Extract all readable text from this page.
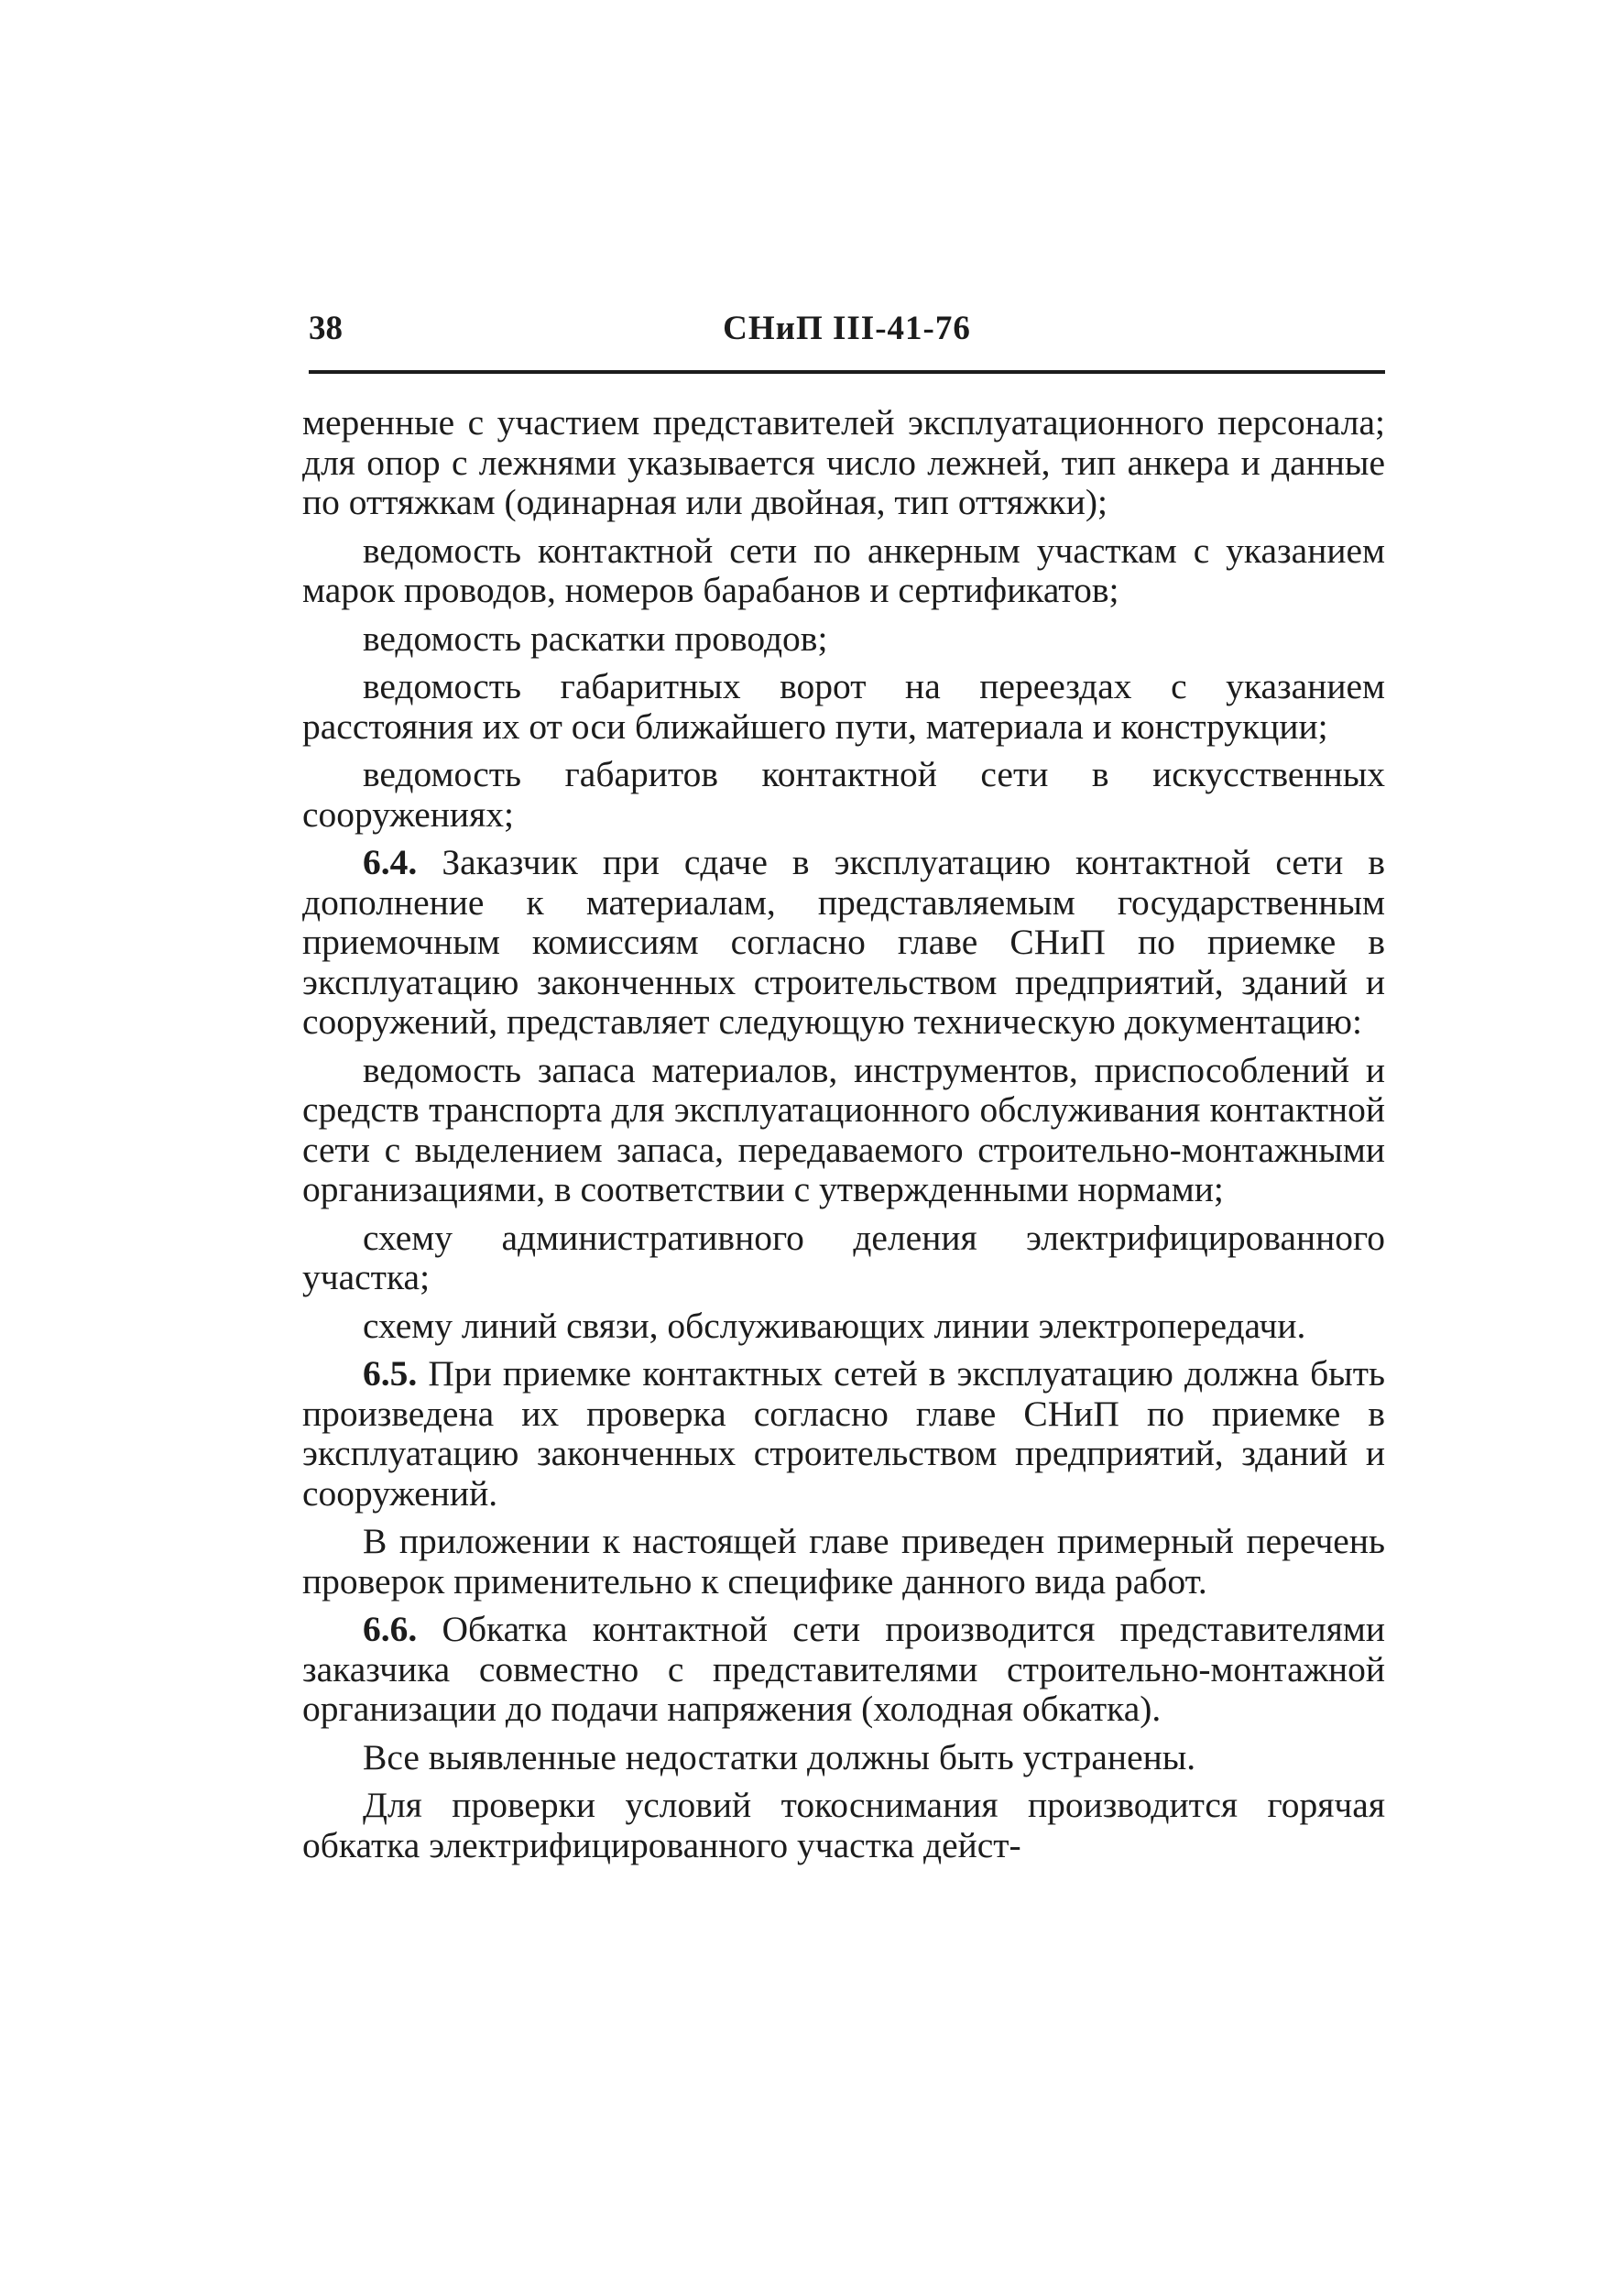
38	СНиП III-41-76

меренные с участием представителей эксплуатационного персонала; для опор с лежнями указывается число лежней, тип анкера и данные по оттяжкам (одинарная или двойная, тип оттяжки);

ведомость контактной сети по анкерным участкам с указанием марок проводов, номеров барабанов и сертификатов;

ведомость раскатки проводов;

ведомость габаритных ворот на переездах с указанием расстояния их от оси ближайшего пути, материала и конструкции;

ведомость габаритов контактной сети в искусственных сооружениях;

6.4. Заказчик при сдаче в эксплуатацию контактной сети в дополнение к материалам, представляемым государственным приемочным комиссиям согласно главе СНиП по приемке в эксплуатацию законченных строительством предприятий, зданий и сооружений, представляет следующую техническую документацию:

ведомость запаса материалов, инструментов, приспособлений и средств транспорта для эксплуатационного обслуживания контактной сети с выделением запаса, передаваемого строительно-монтажными организациями, в соответствии с утвержденными нормами;

схему административного деления электрифицированного участка;

схему линий связи, обслуживающих линии электропередачи.

6.5. При приемке контактных сетей в эксплуатацию должна быть произведена их проверка согласно главе СНиП по приемке в эксплуатацию законченных строительством предприятий, зданий и сооружений.

В приложении к настоящей главе приведен примерный перечень проверок применительно к специфике данного вида работ.

6.6. Обкатка контактной сети производится представителями заказчика совместно с представителями строительно-монтажной организации до подачи напряжения (холодная обкатка).

Все выявленные недостатки должны быть устранены.

Для проверки условий токоснимания производится горячая обкатка электрифицированного участка дейст-
